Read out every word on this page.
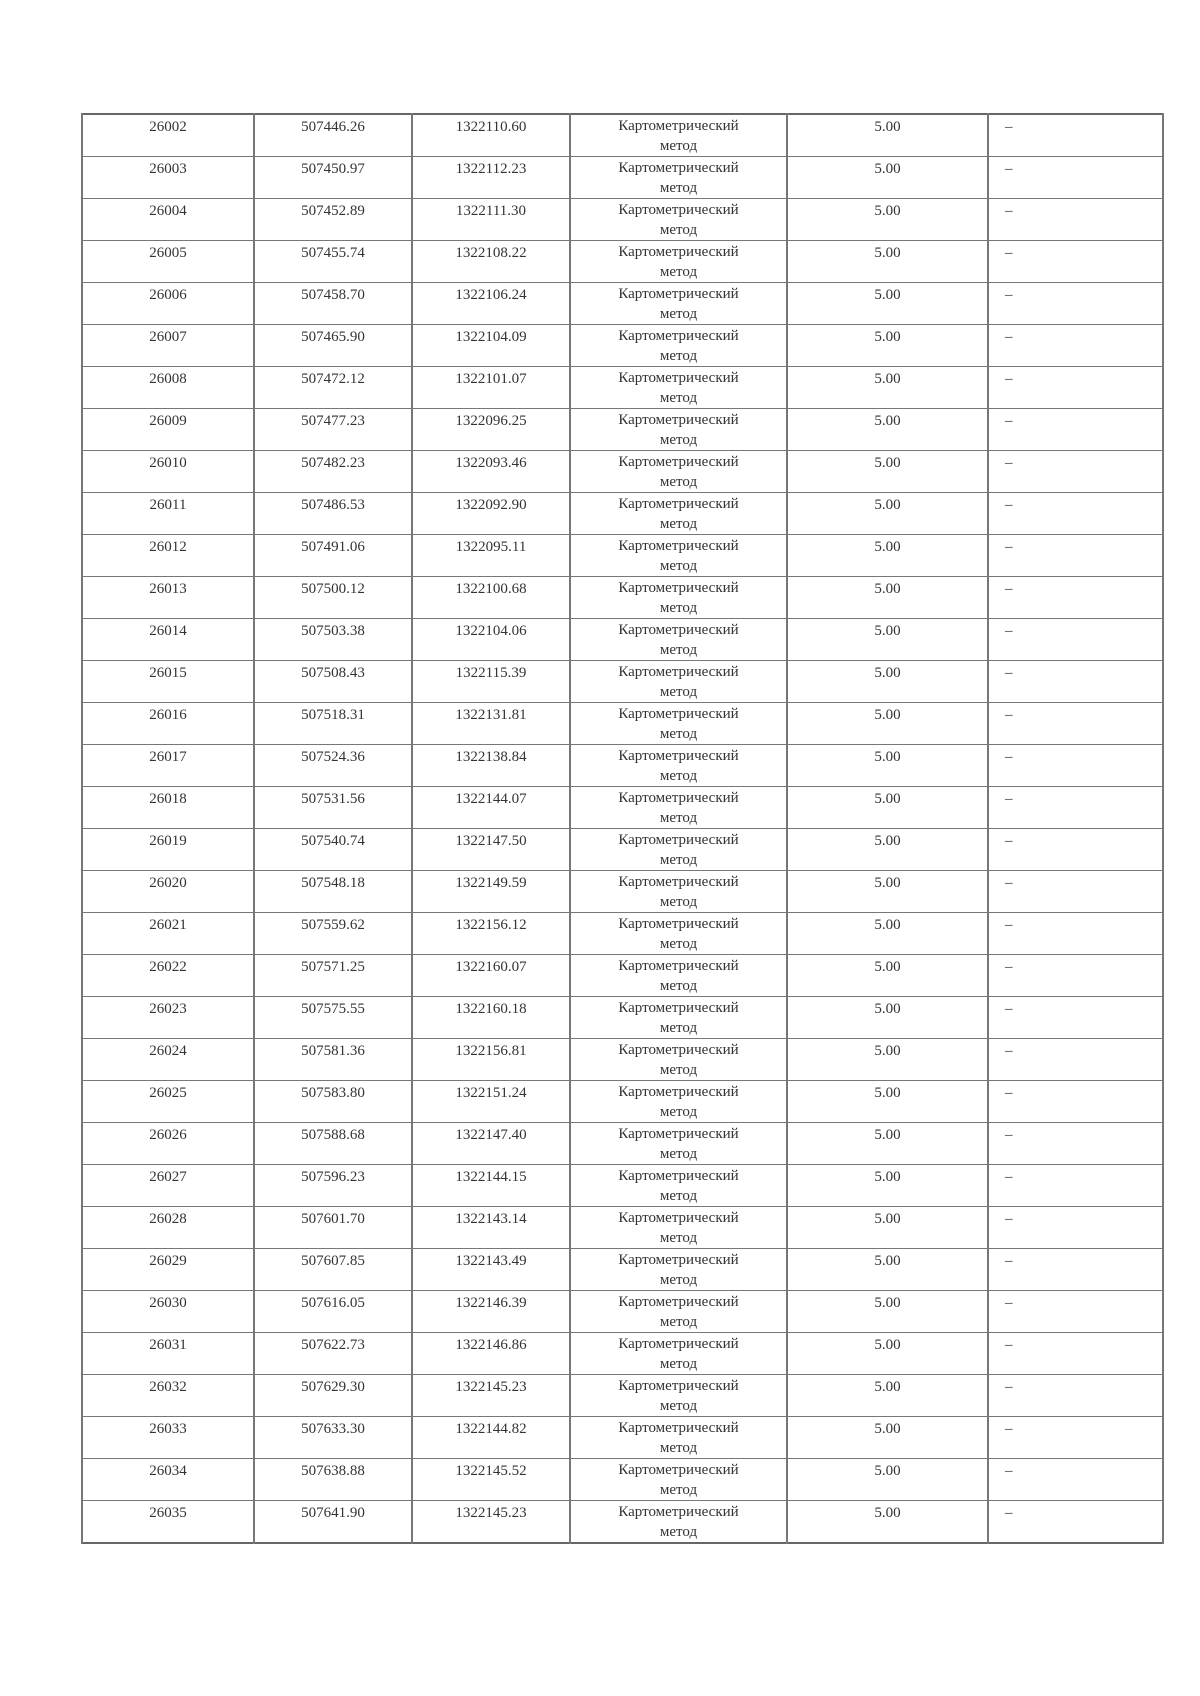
26002	507446.26	1322110.60	Картометрический
метод	5.00	–
26003	507450.97	1322112.23	Картометрический
метод	5.00	–
26004	507452.89	1322111.30	Картометрический
метод	5.00	–
26005	507455.74	1322108.22	Картометрический
метод	5.00	–
26006	507458.70	1322106.24	Картометрический
метод	5.00	–
26007	507465.90	1322104.09	Картометрический
метод	5.00	–
26008	507472.12	1322101.07	Картометрический
метод	5.00	–
26009	507477.23	1322096.25	Картометрический
метод	5.00	–
26010	507482.23	1322093.46	Картометрический
метод	5.00	–
26011	507486.53	1322092.90	Картометрический
метод	5.00	–
26012	507491.06	1322095.11	Картометрический
метод	5.00	–
26013	507500.12	1322100.68	Картометрический
метод	5.00	–
26014	507503.38	1322104.06	Картометрический
метод	5.00	–
26015	507508.43	1322115.39	Картометрический
метод	5.00	–
26016	507518.31	1322131.81	Картометрический
метод	5.00	–
26017	507524.36	1322138.84	Картометрический
метод	5.00	–
26018	507531.56	1322144.07	Картометрический
метод	5.00	–
26019	507540.74	1322147.50	Картометрический
метод	5.00	–
26020	507548.18	1322149.59	Картометрический
метод	5.00	–
26021	507559.62	1322156.12	Картометрический
метод	5.00	–
26022	507571.25	1322160.07	Картометрический
метод	5.00	–
26023	507575.55	1322160.18	Картометрический
метод	5.00	–
26024	507581.36	1322156.81	Картометрический
метод	5.00	–
26025	507583.80	1322151.24	Картометрический
метод	5.00	–
26026	507588.68	1322147.40	Картометрический
метод	5.00	–
26027	507596.23	1322144.15	Картометрический
метод	5.00	–
26028	507601.70	1322143.14	Картометрический
метод	5.00	–
26029	507607.85	1322143.49	Картометрический
метод	5.00	–
26030	507616.05	1322146.39	Картометрический
метод	5.00	–
26031	507622.73	1322146.86	Картометрический
метод	5.00	–
26032	507629.30	1322145.23	Картометрический
метод	5.00	–
26033	507633.30	1322144.82	Картометрический
метод	5.00	–
26034	507638.88	1322145.52	Картометрический
метод	5.00	–
26035	507641.90	1322145.23	Картометрический
метод	5.00	–
